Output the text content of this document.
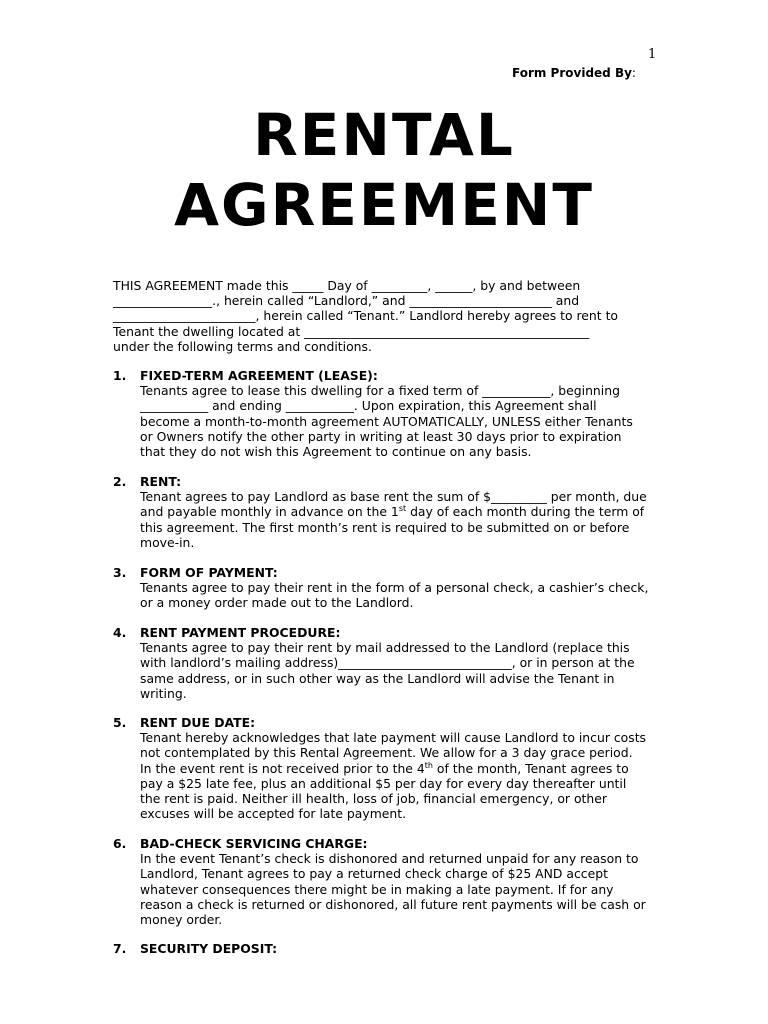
1
Form Provided By:
RENTAL
AGREEMENT
THIS AGREEMENT made this _____ Day of _________, ______, by and between
________________., herein called “Landlord,” and _______________________ and
_______________________, herein called “Tenant.” Landlord hereby agrees to rent to
Tenant the dwelling located at ______________________________________________
under the following terms and conditions.
1. FIXED-TERM AGREEMENT (LEASE):
Tenants agree to lease this dwelling for a fixed term of ___________, beginning
___________ and ending ___________. Upon expiration, this Agreement shall
become a month-to-month agreement AUTOMATICALLY, UNLESS either Tenants
or Owners notify the other party in writing at least 30 days prior to expiration
that they do not wish this Agreement to continue on any basis.
2. RENT:
Tenant agrees to pay Landlord as base rent the sum of $_________ per month, due
and payable monthly in advance on the 1st day of each month during the term of
this agreement. The first month’s rent is required to be submitted on or before
move-in.
3. FORM OF PAYMENT:
Tenants agree to pay their rent in the form of a personal check, a cashier’s check,
or a money order made out to the Landlord.
4. RENT PAYMENT PROCEDURE:
Tenants agree to pay their rent by mail addressed to the Landlord (replace this
with landlord’s mailing address)____________________________, or in person at the
same address, or in such other way as the Landlord will advise the Tenant in
writing.
5. RENT DUE DATE:
Tenant hereby acknowledges that late payment will cause Landlord to incur costs
not contemplated by this Rental Agreement. We allow for a 3 day grace period.
In the event rent is not received prior to the 4th of the month, Tenant agrees to
pay a $25 late fee, plus an additional $5 per day for every day thereafter until
the rent is paid. Neither ill health, loss of job, financial emergency, or other
excuses will be accepted for late payment.
6. BAD-CHECK SERVICING CHARGE:
In the event Tenant’s check is dishonored and returned unpaid for any reason to
Landlord, Tenant agrees to pay a returned check charge of $25 AND accept
whatever consequences there might be in making a late payment. If for any
reason a check is returned or dishonored, all future rent payments will be cash or
money order.
7. SECURITY DEPOSIT:
